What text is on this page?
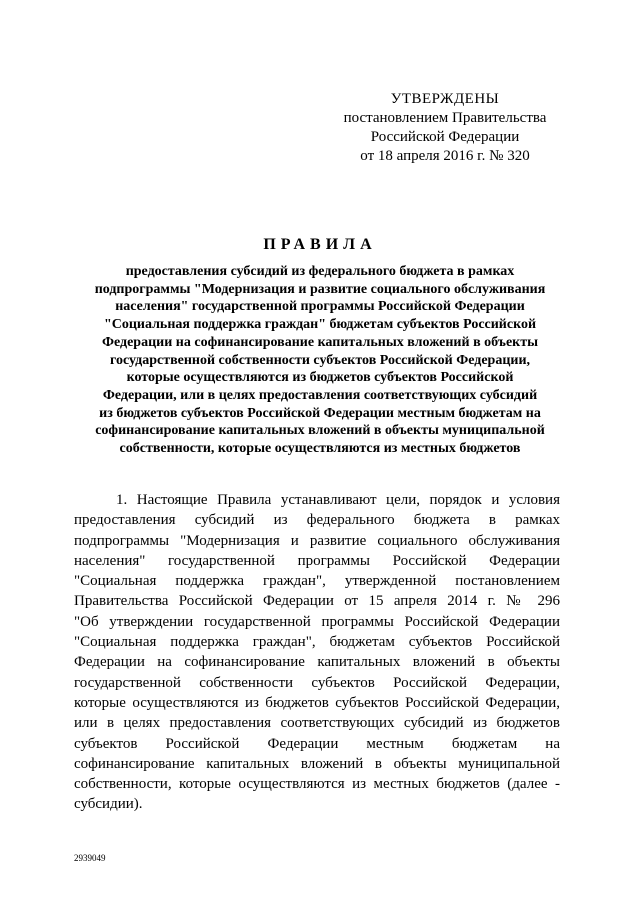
УТВЕРЖДЕНЫ
постановлением Правительства
Российской Федерации
от 18 апреля 2016 г. № 320
ПРАВИЛА
предоставления субсидий из федерального бюджета в рамках
подпрограммы "Модернизация и развитие социального обслуживания
населения" государственной программы Российской Федерации
"Социальная поддержка граждан" бюджетам субъектов Российской
Федерации на софинансирование капитальных вложений в объекты
государственной собственности субъектов Российской Федерации,
которые осуществляются из бюджетов субъектов Российской
Федерации, или в целях предоставления соответствующих субсидий
из бюджетов субъектов Российской Федерации местным бюджетам на
софинансирование капитальных вложений в объекты муниципальной
собственности, которые осуществляются из местных бюджетов
1. Настоящие Правила устанавливают цели, порядок и условия
предоставления субсидий из федерального бюджета в рамках
подпрограммы "Модернизация и развитие социального обслуживания
населения" государственной программы Российской Федерации
"Социальная поддержка граждан", утвержденной постановлением
Правительства Российской Федерации от 15 апреля 2014 г. № 296
"Об утверждении государственной программы Российской Федерации
"Социальная поддержка граждан", бюджетам субъектов Российской
Федерации на софинансирование капитальных вложений в объекты
государственной собственности субъектов Российской Федерации,
которые осуществляются из бюджетов субъектов Российской Федерации,
или в целях предоставления соответствующих субсидий из бюджетов
субъектов Российской Федерации местным бюджетам на
софинансирование капитальных вложений в объекты муниципальной
собственности, которые осуществляются из местных бюджетов (далее -
субсидии).
2939049
